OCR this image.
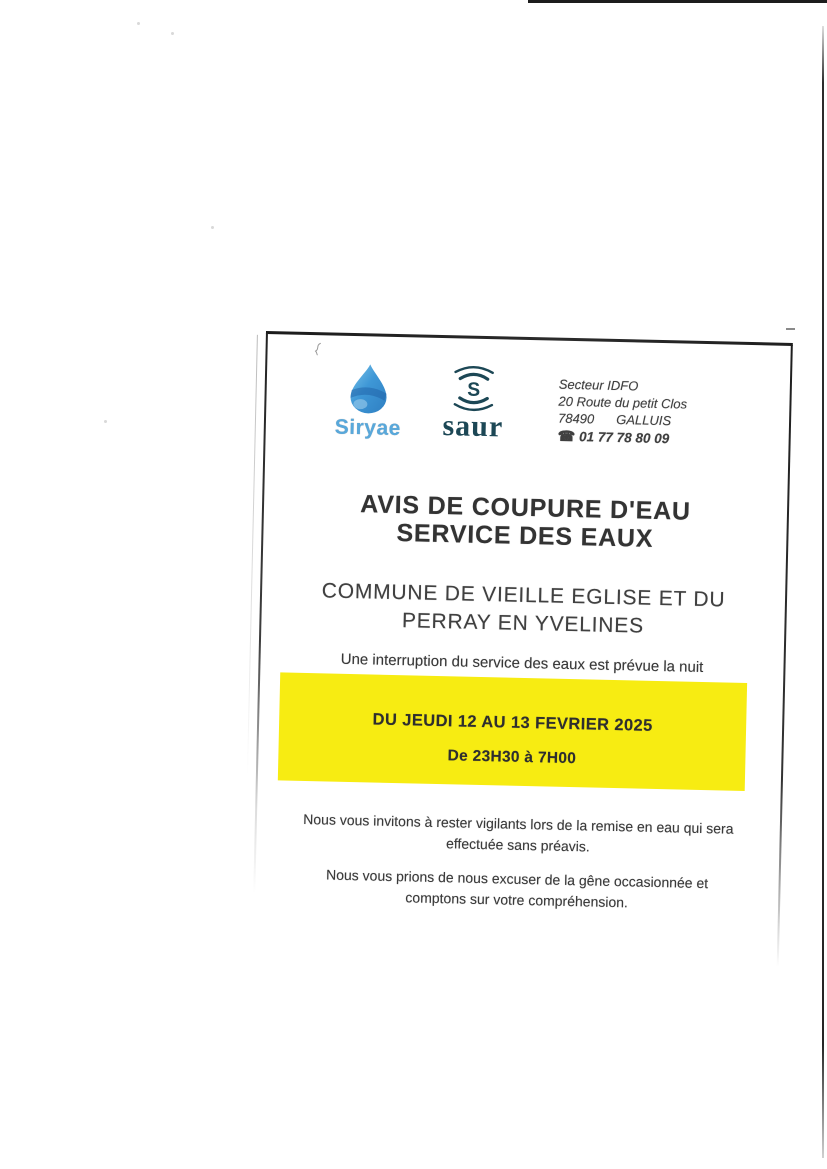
Siryae
S
saur
Secteur IDFO
20 Route du petit Clos
78490 GALLUIS
☎ 01 77 78 80 09
AVIS DE COUPURE D'EAU
SERVICE DES EAUX
COMMUNE DE VIEILLE EGLISE ET DU
PERRAY EN YVELINES
Une interruption du service des eaux est prévue la nuit
DU JEUDI 12 AU 13 FEVRIER 2025
De 23H30 à 7H00
Nous vous invitons à rester vigilants lors de la remise en eau qui sera
effectuée sans préavis.
Nous vous prions de nous excuser de la gêne occasionnée et
comptons sur votre compréhension.
